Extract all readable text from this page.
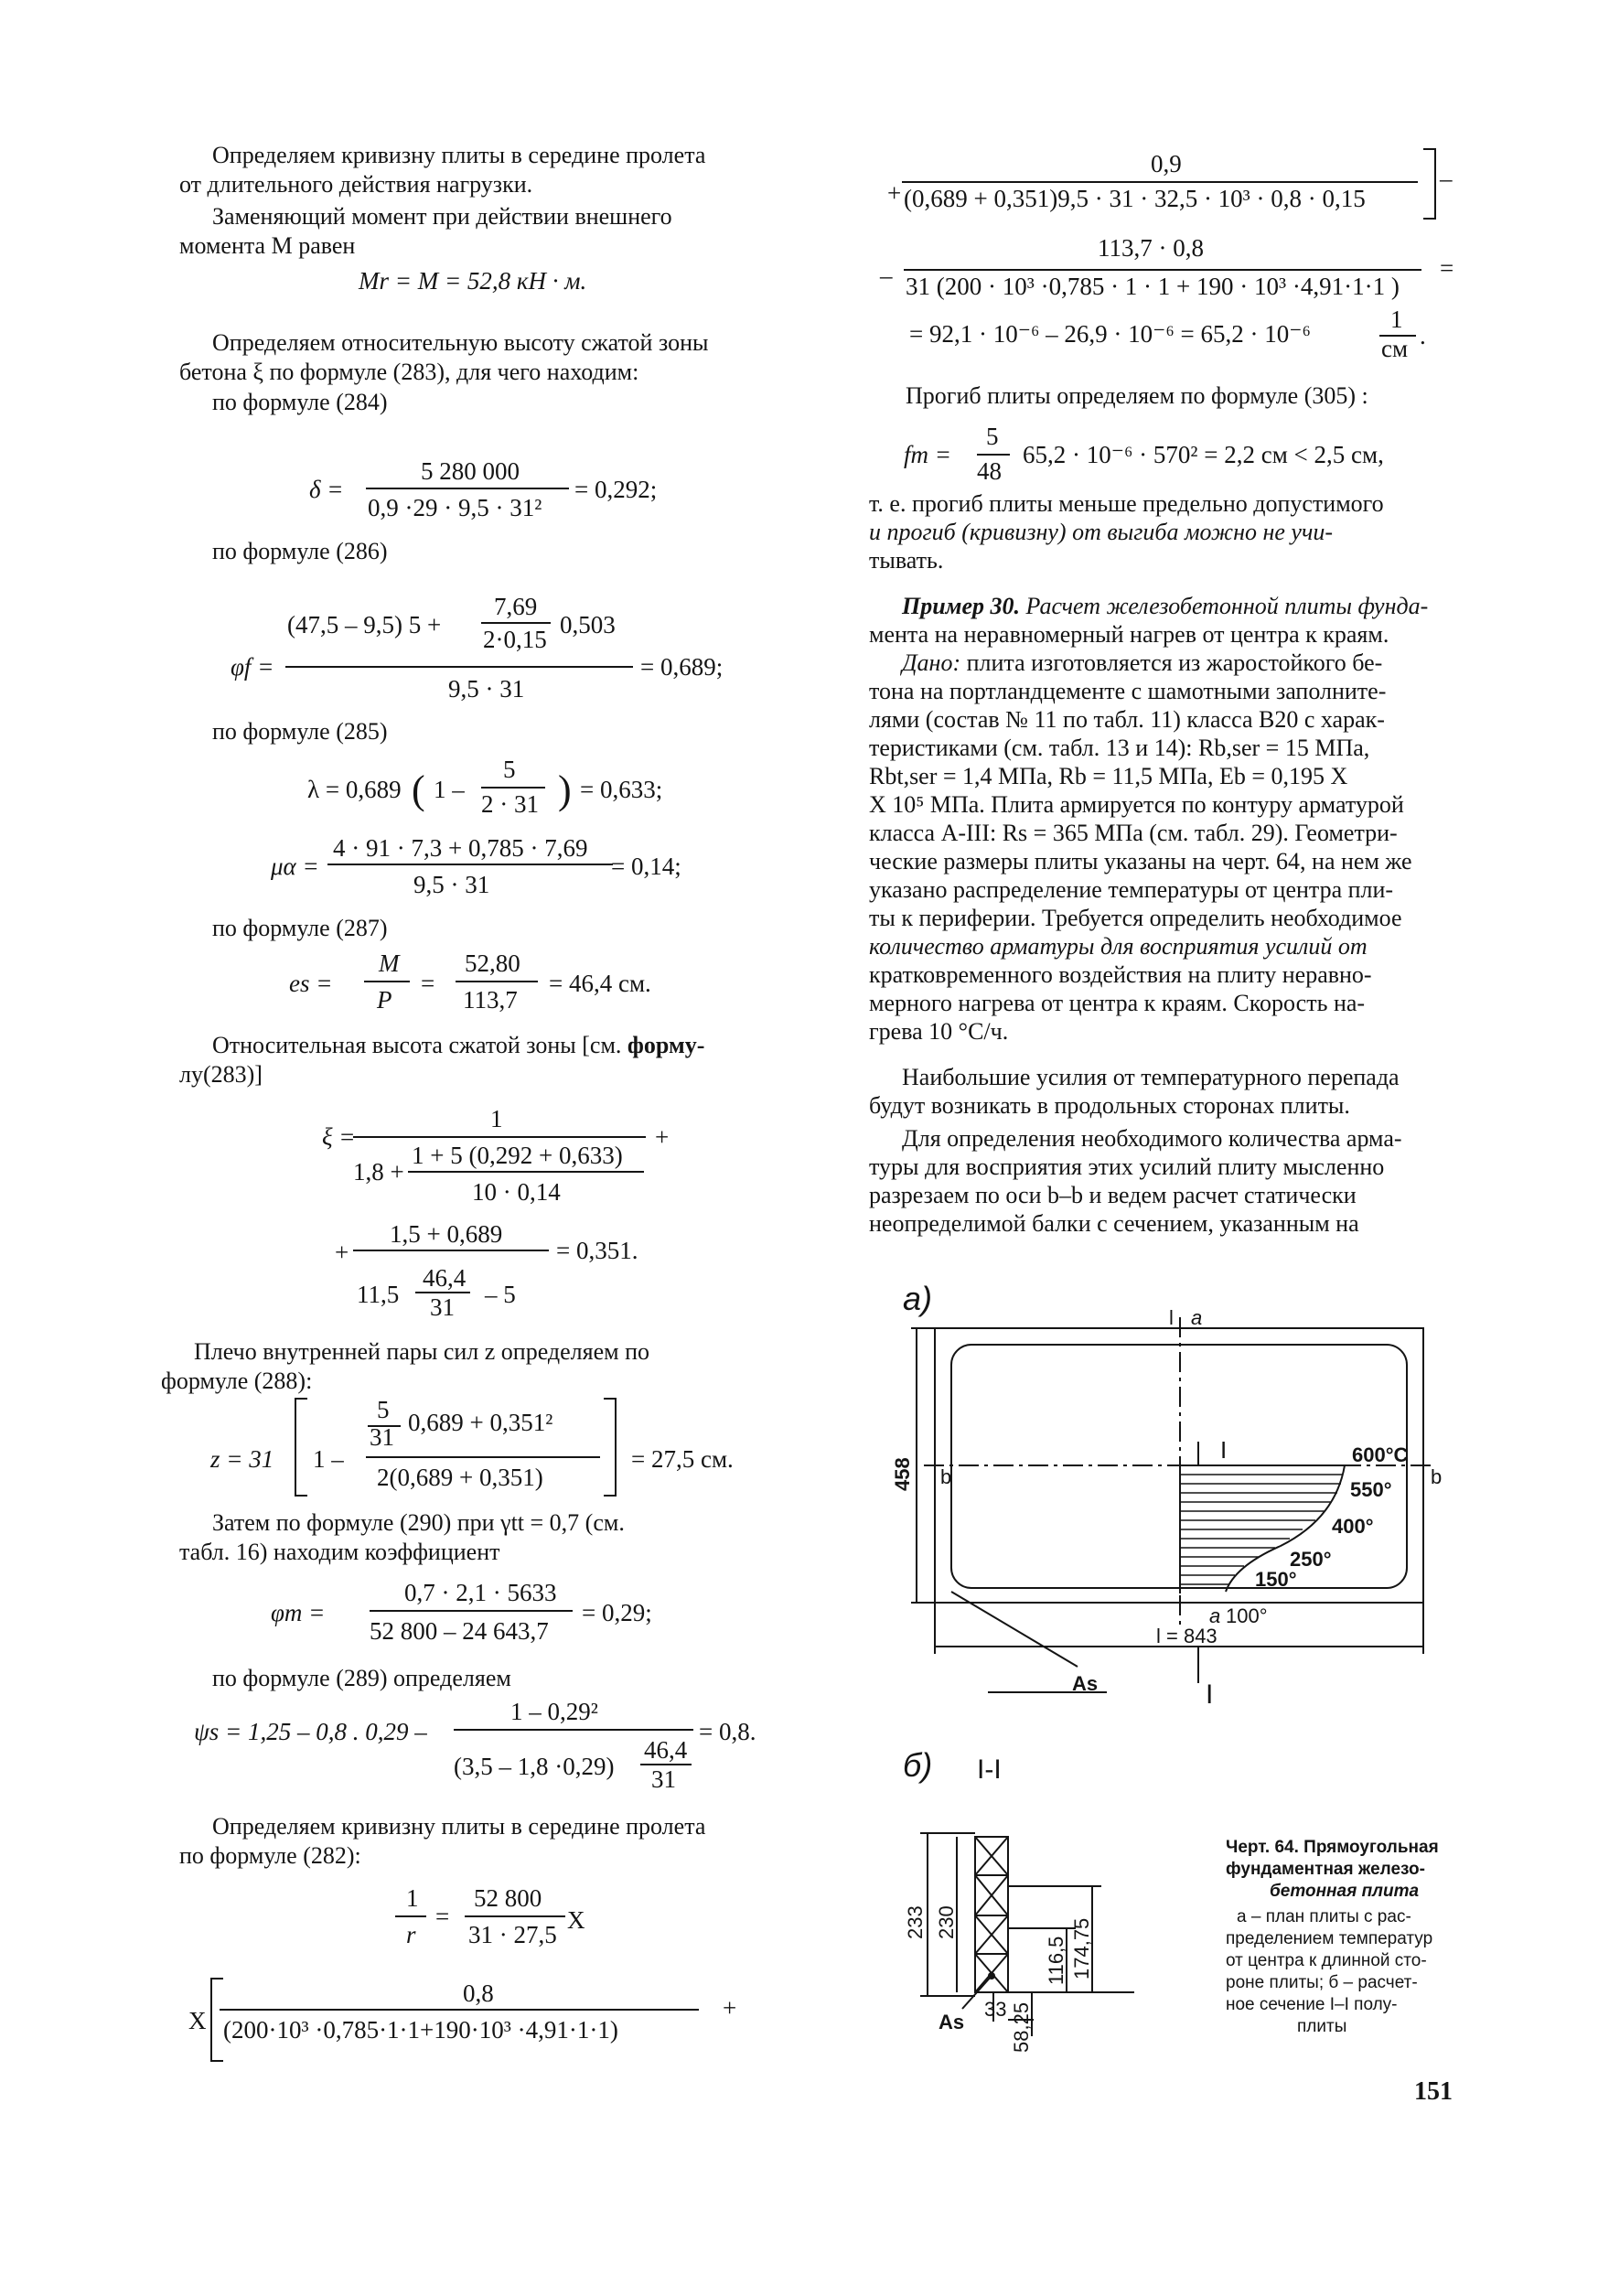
Определяем кривизну плиты в середине пролета
от длительного действия нагрузки.
Заменяющий момент при действии внешнего
момента M равен
Mr = M = 52,8 кН · м.
Определяем относительную высоту сжатой зоны
бетона ξ по формуле (283), для чего находим:
по формуле (284)
δ =
5 280 000
0,9 ·29 · 9,5 · 31²
= 0,292;
по формуле (286)
(47,5 – 9,5) 5 +
7,69
2·0,15
0,503
φf =
9,5 · 31
= 0,689;
по формуле (285)
λ = 0,689 ( 1 –
5
2 · 31 ) = 0,633;
4 · 91 · 7,3 + 0,785 · 7,69
μα =
9,5 · 31
= 0,14;
по формуле (287)
es =
M
P
=
52,80
113,7
= 46,4 см.
Относительная высота сжатой зоны [см. форму-
лу(283)]
ξ =
1
+
1 + 5 (0,292 + 0,633)
1,8 +
10 · 0,14
1,5 + 0,689
+	= 0,351.
11,5
46,4
31 – 5
Плечо внутренней пары сил z определяем по
формуле (288):
z = 31 1 –
5
31
0,689 + 0,351²
2(0,689 + 0,351)
= 27,5 см.
Затем по формуле (290) при γtt = 0,7 (см.
табл. 16) находим коэффициент
0,7 · 2,1 · 5633
φm =
52 800 – 24 643,7
= 0,29;
по формуле (289) определяем
1 – 0,29²
ψs = 1,25 – 0,8 . 0,29 –	= 0,8.
(3,5 – 1,8 ·0,29)
46,4
31
Определяем кривизну плиты в середине пролета
по формуле (282):
1
r
=
52 800
31 · 27,5
X
X
0,8
(200·10³ ·0,785·1·1+190·10³ ·4,91·1·1)
+
+
0,9
(0,689 + 0,351)9,5 · 31 · 32,5 · 10³ · 0,8 · 0,15
–
–
113,7 · 0,8
31 (200 · 10³ ·0,785 · 1 · 1 + 190 · 10³ ·4,91·1·1 )
=
= 92,1 · 10⁻⁶ – 26,9 · 10⁻⁶ = 65,2 · 10⁻⁶
1
см .
Прогиб плиты определяем по формуле (305) :
fm =
5
48
65,2 · 10⁻⁶ · 570² = 2,2 см < 2,5 см,
т. е. прогиб плиты меньше предельно допустимого
и прогиб (кривизну) от выгиба можно не учи-
тывать.
Пример 30. Расчет железобетонной плиты фунда-
мента на неравномерный нагрев от центра к краям.
Дано: плита изготовляется из жаростойкого бе-
тона на портландцементе с шамотными заполните-
лями (состав № 11 по табл. 11) класса В20 с харак-
теристиками (см. табл. 13 и 14): Rb,ser = 15 МПа,
Rbt,ser = 1,4 МПа, Rb = 11,5 МПа, Eb = 0,195 Х
Х 10⁵ МПа. Плита армируется по контуру арматурой
класса А-III: Rs = 365 МПа (см. табл. 29). Геометри-
ческие размеры плиты указаны на черт. 64, на нем же
указано распределение температуры от центра пли-
ты к периферии. Требуется определить необходимое
количество арматуры для восприятия усилий от
кратковременного воздействия на плиту неравно-
мерного нагрева от центра к краям. Скорость на-
грева 10 °С/ч.
Наибольшие усилия от температурного перепада
будут возникать в продольных сторонах плиты.
Для определения необходимого количества арма-
туры для восприятия этих усилий плиту мысленно
разрезаем по оси b–b и ведем расчет статически
неопределимой балки с сечением, указанным на
а)
l а
b	b
I
I
600°С
550°
400°
250°
150°
а 100°
l = 843
As
458
б) I-I
233 230
116,5 174,75
58,25
33
As
Черт. 64. Прямоугольная
фундаментная железо-
бетонная плита
а – план плиты с рас-
пределением температур
от центра к длинной сто-
роне плиты; б – расчет-
ное сечение I–I полу-
плиты
151
